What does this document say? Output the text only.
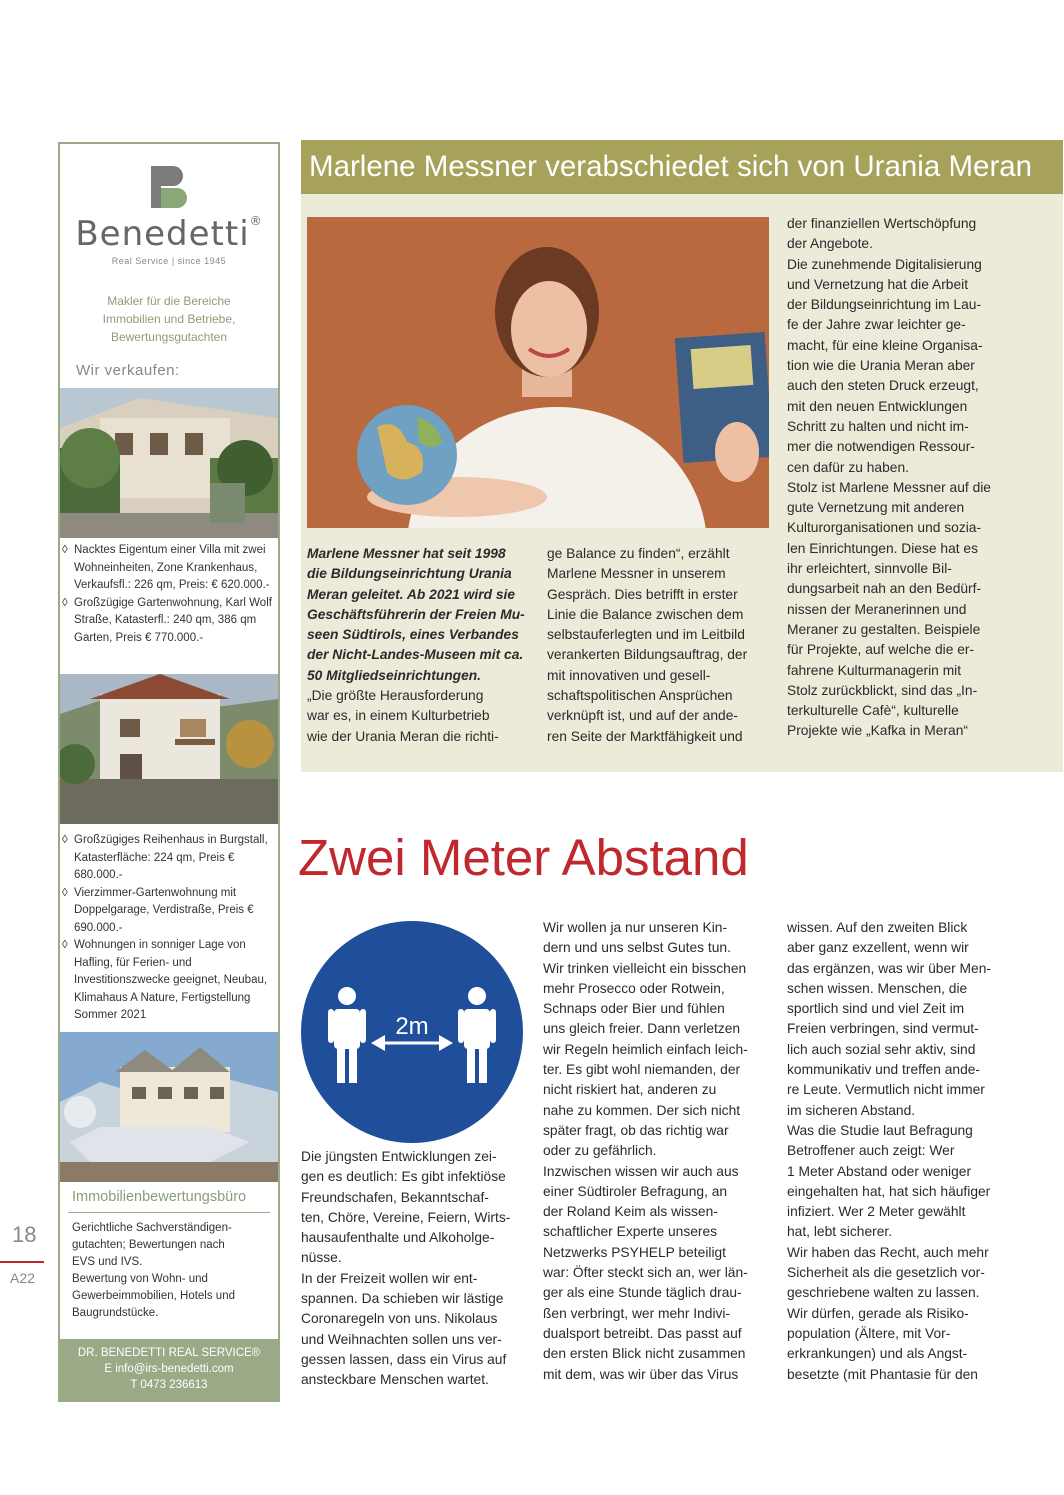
Benedetti®
Real Service | since 1945
Makler für die Bereiche
Immobilien und Betriebe,
Bewertungsgutachten
Wir verkaufen:
◊ Nacktes Eigentum einer Villa mit zwei Wohneinheiten, Zone Krankenhaus, Verkaufsfl.: 226 qm, Preis: € 620.000.-
◊ Großzügige Gartenwohnung, Karl Wolf Straße, Katasterfl.: 240 qm, 386 qm Garten, Preis € 770.000.-
◊ Großzügiges Reihenhaus in Burgstall, Katasterfläche: 224 qm, Preis € 680.000.-
◊ Vierzimmer-Gartenwohnung mit Doppelgarage, Verdistraße, Preis € 690.000.-
◊ Wohnungen in sonniger Lage von Hafling, für Ferien- und Investitionszwecke geeignet, Neubau, Klimahaus A Nature, Fertigstellung Sommer 2021
Immobilienbewertungsbüro
Gerichtliche Sachverständigen-
gutachten; Bewertungen nach
EVS und IVS.
Bewertung von Wohn- und
Gewerbeimmobilien, Hotels und
Baugrundstücke.
DR. BENEDETTI REAL SERVICE®
E info@irs-benedetti.com
T 0473 236613
18
A22
Marlene Messner verabschiedet sich von Urania Meran

Marlene Messner hat seit 1998
die Bildungseinrichtung Urania
Meran geleitet. Ab 2021 wird sie
Geschäftsführerin der Freien Mu-
seen Südtirols, eines Verbandes
der Nicht-Landes-Museen mit ca.
50 Mitgliedseinrichtungen.

„Die größte Herausforderung
war es, in einem Kulturbetrieb
wie der Urania Meran die richti-

ge Balance zu finden“, erzählt
Marlene Messner in unserem
Gespräch. Dies betrifft in erster
Linie die Balance zwischen dem
selbstauferlegten und im Leitbild
verankerten Bildungsauftrag, der
mit innovativen und gesell-
schaftspolitischen Ansprüchen
verknüpft ist, und auf der ande-
ren Seite der Marktfähigkeit und

der finanziellen Wertschöpfung
der Angebote.
Die zunehmende Digitalisierung
und Vernetzung hat die Arbeit
der Bildungseinrichtung im Lau-
fe der Jahre zwar leichter ge-
macht, für eine kleine Organisa-
tion wie die Urania Meran aber
auch den steten Druck erzeugt,
mit den neuen Entwicklungen
Schritt zu halten und nicht im-
mer die notwendigen Ressour-
cen dafür zu haben.
Stolz ist Marlene Messner auf die
gute Vernetzung mit anderen
Kulturorganisationen und sozia-
len Einrichtungen. Diese hat es
ihr erleichtert, sinnvolle Bil-
dungsarbeit nah an den Bedürf-
nissen der Meranerinnen und
Meraner zu gestalten. Beispiele
für Projekte, auf welche die er-
fahrene Kulturmanagerin mit
Stolz zurückblickt, sind das „In-
terkulturelle Cafè“, kulturelle
Projekte wie „Kafka in Meran“

Zwei Meter Abstand
2m

Die jüngsten Entwicklungen zei-
gen es deutlich: Es gibt infektiöse
Freundschafen, Bekanntschaf-
ten, Chöre, Vereine, Feiern, Wirts-
hausaufenthalte und Alkoholge-
nüsse.
In der Freizeit wollen wir ent-
spannen. Da schieben wir lästige
Coronaregeln von uns. Nikolaus
und Weihnachten sollen uns ver-
gessen lassen, dass ein Virus auf
ansteckbare Menschen wartet.

Wir wollen ja nur unseren Kin-
dern und uns selbst Gutes tun.
Wir trinken vielleicht ein bisschen
mehr Prosecco oder Rotwein,
Schnaps oder Bier und fühlen
uns gleich freier. Dann verletzen
wir Regeln heimlich einfach leich-
ter. Es gibt wohl niemanden, der
nicht riskiert hat, anderen zu
nahe zu kommen. Der sich nicht
später fragt, ob das richtig war
oder zu gefährlich.
Inzwischen wissen wir auch aus
einer Südtiroler Befragung, an
der Roland Keim als wissen-
schaftlicher Experte unseres
Netzwerks PSYHELP beteiligt
war: Öfter steckt sich an, wer län-
ger als eine Stunde täglich drau-
ßen verbringt, wer mehr Indivi-
dualsport betreibt. Das passt auf
den ersten Blick nicht zusammen
mit dem, was wir über das Virus

wissen. Auf den zweiten Blick
aber ganz exzellent, wenn wir
das ergänzen, was wir über Men-
schen wissen. Menschen, die
sportlich sind und viel Zeit im
Freien verbringen, sind vermut-
lich auch sozial sehr aktiv, sind
kommunikativ und treffen ande-
re Leute. Vermutlich nicht immer
im sicheren Abstand.
Was die Studie laut Befragung
Betroffener auch zeigt: Wer
1 Meter Abstand oder weniger
eingehalten hat, hat sich häufiger
infiziert. Wer 2 Meter gewählt
hat, lebt sicherer.
Wir haben das Recht, auch mehr
Sicherheit als die gesetzlich vor-
geschriebene walten zu lassen.
Wir dürfen, gerade als Risiko-
population (Ältere, mit Vor-
erkrankungen) und als Angst-
besetzte (mit Phantasie für den
